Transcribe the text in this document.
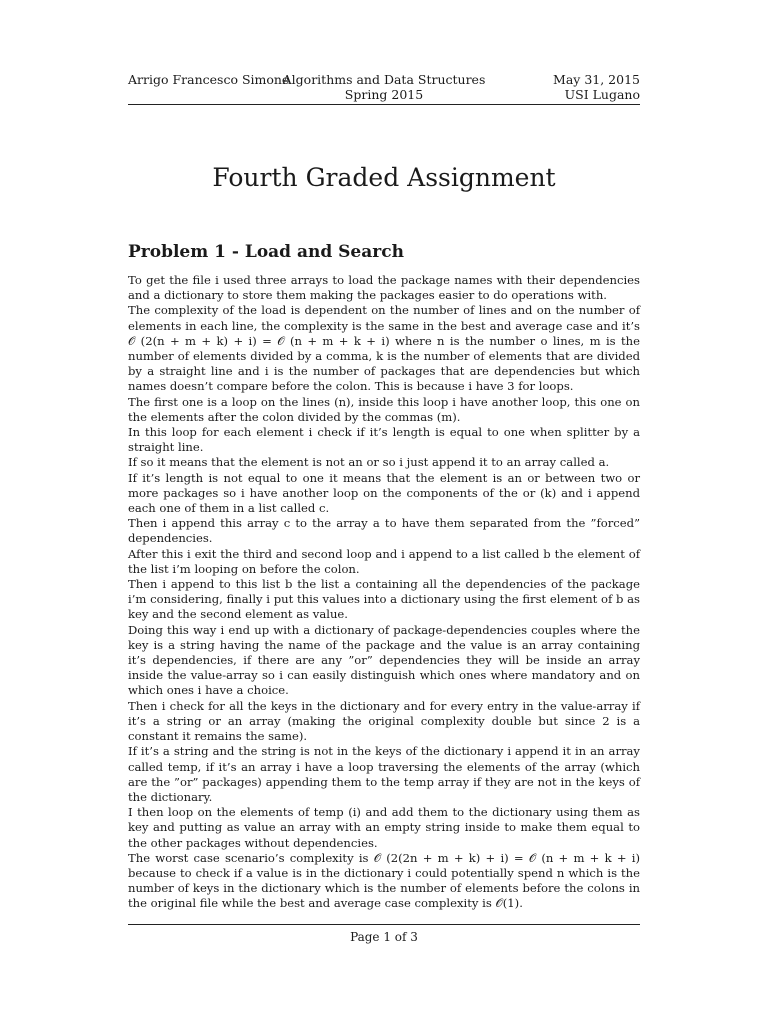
Arrigo Francesco Simone
Algorithms and Data Structures
Spring 2015
May 31, 2015
USI Lugano
Fourth Graded Assignment
Problem 1 - Load and Search

To get the file i used three arrays to load the package names with their dependencies and a dictionary to store them making the packages easier to do operations with.

The complexity of the load is dependent on the number of lines and on the number of elements in each line, the complexity is the same in the best and average case and it’s 𝒪 (2(n + m + k) + i) = 𝒪 (n + m + k + i) where n is the number o lines, m is the number of elements divided by a comma, k is the number of elements that are divided by a straight line and i is the number of packages that are dependencies but which names doesn’t compare before the colon. This is because i have 3 for loops.

The first one is a loop on the lines (n), inside this loop i have another loop, this one on the elements after the colon divided by the commas (m).

In this loop for each element i check if it’s length is equal to one when splitter by a straight line.

If so it means that the element is not an or so i just append it to an array called a.

If it’s length is not equal to one it means that the element is an or between two or more packages so i have another loop on the components of the or (k) and i append each one of them in a list called c.

Then i append this array c to the array a to have them separated from the ”forced” dependencies.

After this i exit the third and second loop and i append to a list called b the element of the list i’m looping on before the colon.

Then i append to this list b the list a containing all the dependencies of the package i’m considering, finally i put this values into a dictionary using the first element of b as key and the second element as value.

Doing this way i end up with a dictionary of package-dependencies couples where the key is a string having the name of the package and the value is an array containing it’s dependencies, if there are any ”or” dependencies they will be inside an array inside the value-array so i can easily distinguish which ones where mandatory and on which ones i have a choice.

Then i check for all the keys in the dictionary and for every entry in the value-array if it’s a string or an array (making the original complexity double but since 2 is a constant it remains the same).

If it’s a string and the string is not in the keys of the dictionary i append it in an array called temp, if it’s an array i have a loop traversing the elements of the array (which are the ”or” packages) appending them to the temp array if they are not in the keys of the dictionary.

I then loop on the elements of temp (i) and add them to the dictionary using them as key and putting as value an array with an empty string inside to make them equal to the other packages without dependencies.

The worst case scenario’s complexity is 𝒪 (2(2n + m + k) + i) = 𝒪 (n + m + k + i) because to check if a value is in the dictionary i could potentially spend n which is the number of keys in the dictionary which is the number of elements before the colons in the original file while the best and average case complexity is 𝒪(1).

Page 1 of 3
